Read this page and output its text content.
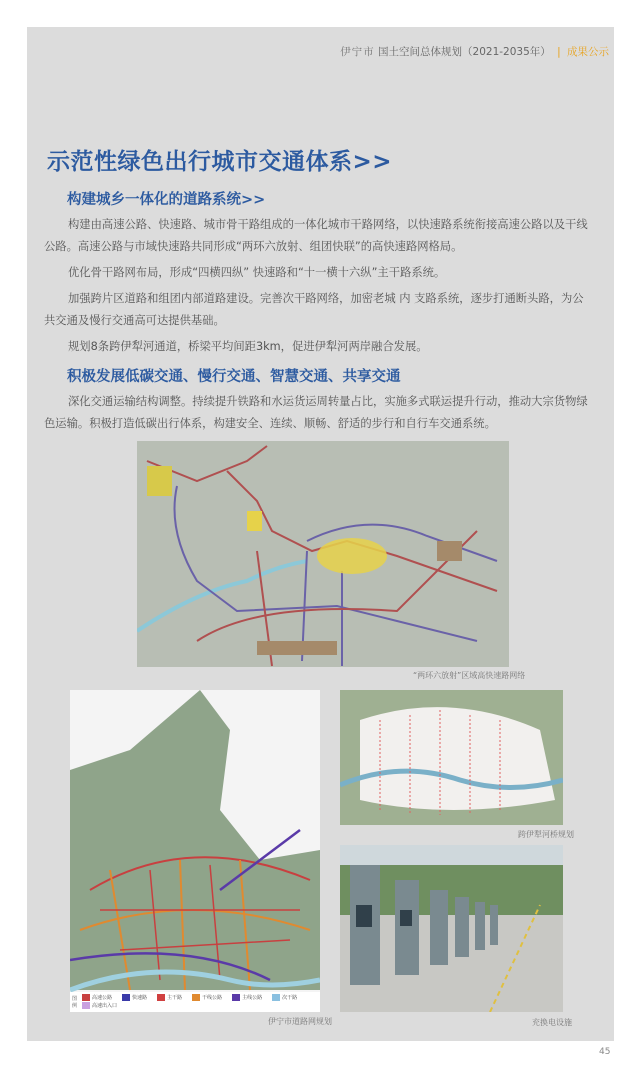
伊宁市 国土空间总体规划（2021-2035年） | 成果公示
示范性绿色出行城市交通体系>>
构建城乡一体化的道路系统>>
构建由高速公路、快速路、城市骨干路组成的一体化城市干路网络，以快速路系统衔接高速公路以及干线公路。高速公路与市域快速路共同形成“两环六放射、组团快联”的高快速路网格局。
优化骨干路网布局，形成“四横四纵” 快速路和“十一横十六纵”主干路系统。
加强跨片区道路和组团内部道路建设。完善次干路网络，加密老城 内 支路系统，逐步打通断头路，为公共交通及慢行交通高可达提供基础。
规划8条跨伊犁河通道，桥梁平均间距3km，促进伊犁河两岸融合发展。
积极发展低碳交通、慢行交通、智慧交通、共享交通
深化交通运输结构调整。持续提升铁路和水运货运周转量占比，实施多式联运提升行动，推动大宗货物绿色运输。积极打造低碳出行体系，构建安全、连续、顺畅、舒适的步行和自行车交通系统。
“两环六放射”区域高快速路网络
图例
高速公路	快速路	主干路	干线公路	主线公路	次干路
高速出入口
伊宁市道路网规划
跨伊犁河桥规划
充换电设施
45
